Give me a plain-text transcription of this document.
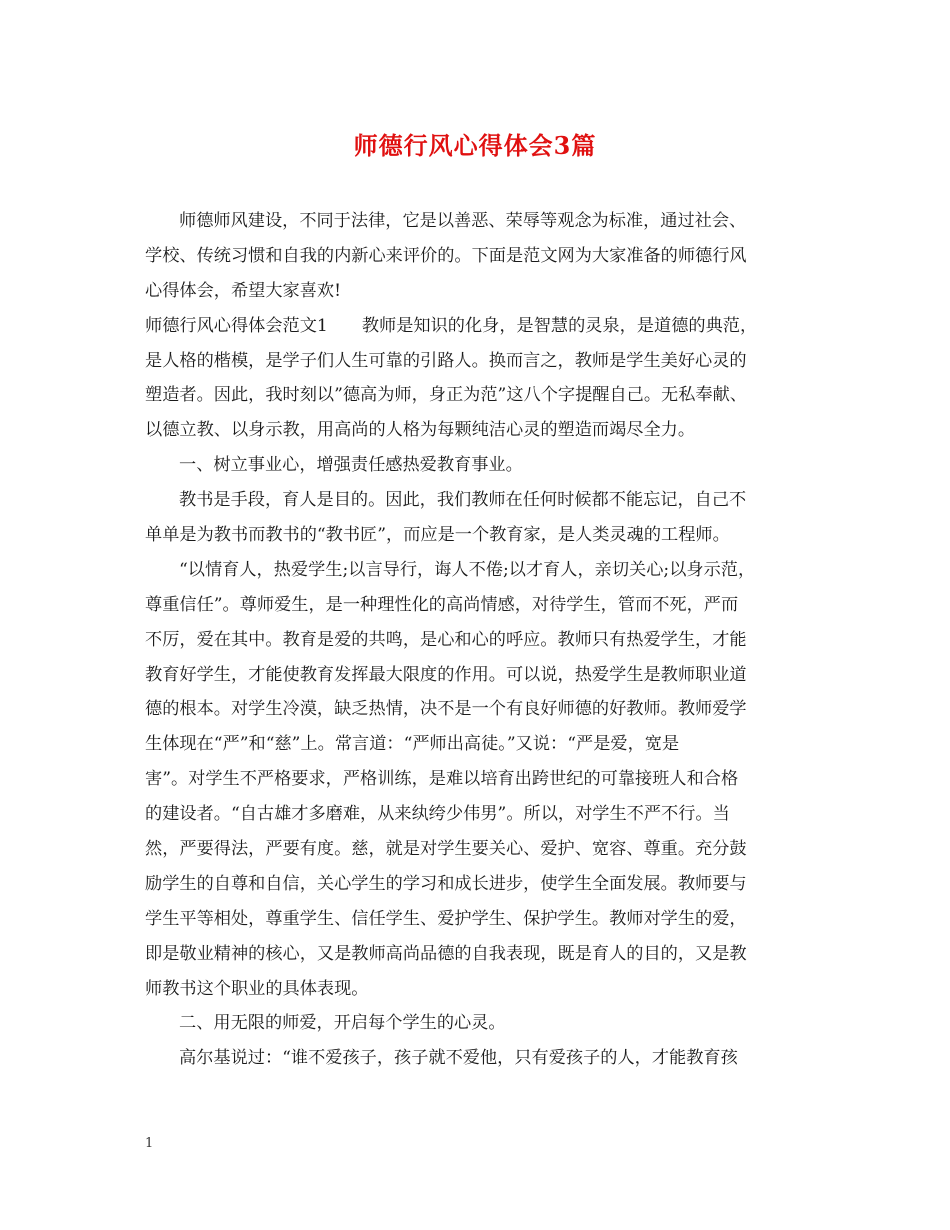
师德行风心得体会3篇
师德师风建设，不同于法律，它是以善恶、荣辱等观念为标准，通过社会、
学校、传统习惯和自我的内新心来评价的。下面是范文网为大家准备的师德行风
心得体会，希望大家喜欢!
师德行风心得体会范文1 教师是知识的化身，是智慧的灵泉，是道德的典范，
是人格的楷模，是学子们人生可靠的引路人。换而言之，教师是学生美好心灵的
塑造者。因此，我时刻以”德高为师，身正为范”这八个字提醒自己。无私奉献、
以德立教、以身示教，用高尚的人格为每颗纯洁心灵的塑造而竭尽全力。
一、树立事业心，增强责任感热爱教育事业。
教书是手段，育人是目的。因此，我们教师在任何时候都不能忘记，自己不
单单是为教书而教书的“教书匠”，而应是一个教育家，是人类灵魂的工程师。
“以情育人，热爱学生;以言导行，诲人不倦;以才育人，亲切关心;以身示范，
尊重信任”。尊师爱生，是一种理性化的高尚情感，对待学生，管而不死，严而
不厉，爱在其中。教育是爱的共鸣，是心和心的呼应。教师只有热爱学生，才能
教育好学生，才能使教育发挥最大限度的作用。可以说，热爱学生是教师职业道
德的根本。对学生冷漠，缺乏热情，决不是一个有良好师德的好教师。教师爱学
生体现在“严”和“慈”上。常言道：“严师出高徒。”又说：“严是爱，宽是
害”。对学生不严格要求，严格训练，是难以培育出跨世纪的可靠接班人和合格
的建设者。“自古雄才多磨难，从来纨绔少伟男”。所以，对学生不严不行。当
然，严要得法，严要有度。慈，就是对学生要关心、爱护、宽容、尊重。充分鼓
励学生的自尊和自信，关心学生的学习和成长进步，使学生全面发展。教师要与
学生平等相处，尊重学生、信任学生、爱护学生、保护学生。教师对学生的爱，
即是敬业精神的核心，又是教师高尚品德的自我表现，既是育人的目的，又是教
师教书这个职业的具体表现。
二、用无限的师爱，开启每个学生的心灵。
高尔基说过：“谁不爱孩子，孩子就不爱他，只有爱孩子的人，才能教育孩
1
